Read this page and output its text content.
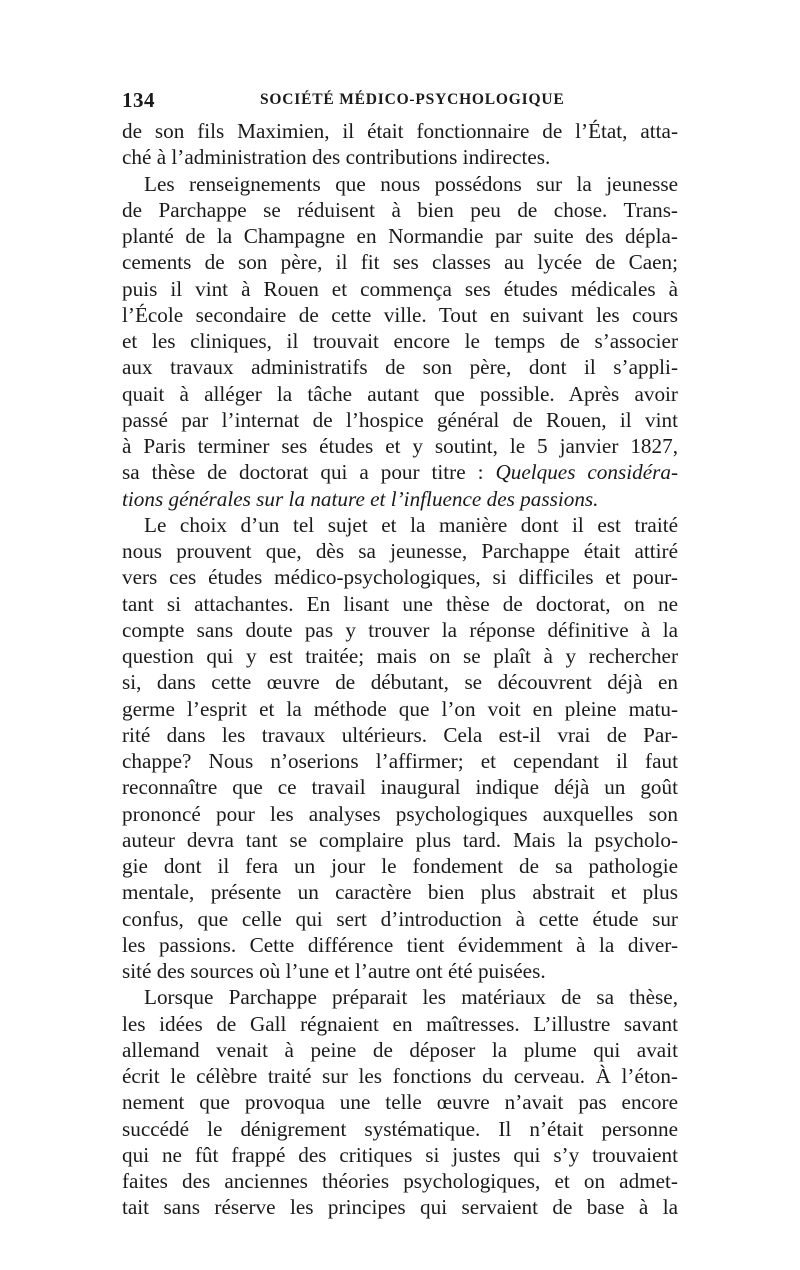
134	SOCIÉTÉ MÉDICO-PSYCHOLOGIQUE
de son fils Maximien, il était fonctionnaire de l’État, atta-
ché à l’administration des contributions indirectes.
Les renseignements que nous possédons sur la jeunesse
de Parchappe se réduisent à bien peu de chose. Trans-
planté de la Champagne en Normandie par suite des dépla-
cements de son père, il fit ses classes au lycée de Caen;
puis il vint à Rouen et commença ses études médicales à
l’École secondaire de cette ville. Tout en suivant les cours
et les cliniques, il trouvait encore le temps de s’associer
aux travaux administratifs de son père, dont il s’appli-
quait à alléger la tâche autant que possible. Après avoir
passé par l’internat de l’hospice général de Rouen, il vint
à Paris terminer ses études et y soutint, le 5 janvier 1827,
sa thèse de doctorat qui a pour titre : Quelques considéra-
tions générales sur la nature et l’influence des passions.
Le choix d’un tel sujet et la manière dont il est traité
nous prouvent que, dès sa jeunesse, Parchappe était attiré
vers ces études médico-psychologiques, si difficiles et pour-
tant si attachantes. En lisant une thèse de doctorat, on ne
compte sans doute pas y trouver la réponse définitive à la
question qui y est traitée; mais on se plaît à y rechercher
si, dans cette œuvre de débutant, se découvrent déjà en
germe l’esprit et la méthode que l’on voit en pleine matu-
rité dans les travaux ultérieurs. Cela est-il vrai de Par-
chappe? Nous n’oserions l’affirmer; et cependant il faut
reconnaître que ce travail inaugural indique déjà un goût
prononcé pour les analyses psychologiques auxquelles son
auteur devra tant se complaire plus tard. Mais la psycholo-
gie dont il fera un jour le fondement de sa pathologie
mentale, présente un caractère bien plus abstrait et plus
confus, que celle qui sert d’introduction à cette étude sur
les passions. Cette différence tient évidemment à la diver-
sité des sources où l’une et l’autre ont été puisées.
Lorsque Parchappe préparait les matériaux de sa thèse,
les idées de Gall régnaient en maîtresses. L’illustre savant
allemand venait à peine de déposer la plume qui avait
écrit le célèbre traité sur les fonctions du cerveau. À l’éton-
nement que provoqua une telle œuvre n’avait pas encore
succédé le dénigrement systématique. Il n’était personne
qui ne fût frappé des critiques si justes qui s’y trouvaient
faites des anciennes théories psychologiques, et on admet-
tait sans réserve les principes qui servaient de base à la
